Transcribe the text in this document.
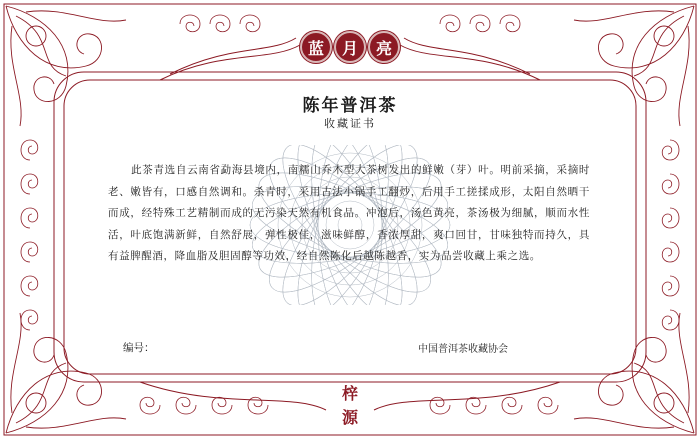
蓝	月	亮
陈年普洱茶
收藏证书
此茶青选自云南省勐海县境内，南糯山乔木型大茶树发出的鲜嫩（芽）叶。明前采摘，采摘时老、嫩皆有，口感自然调和。杀青时，采用古法小锅手工翻炒，后用手工搓揉成形，太阳自然晒干而成，经特殊工艺精制而成的无污染天然有机食品。冲泡后，汤色黄亮，茶汤极为细腻，顺而水性活，叶底饱满新鲜，自然舒展，弹性极佳，滋味鲜醇，香浓厚甜，爽口回甘，甘味独特而持久，具有益脾醒酒，降血脂及胆固醇等功效，经自然陈化后越陈越香，实为品尝收藏上乘之选。
编号：	中国普洱茶收藏协会
梓
源
